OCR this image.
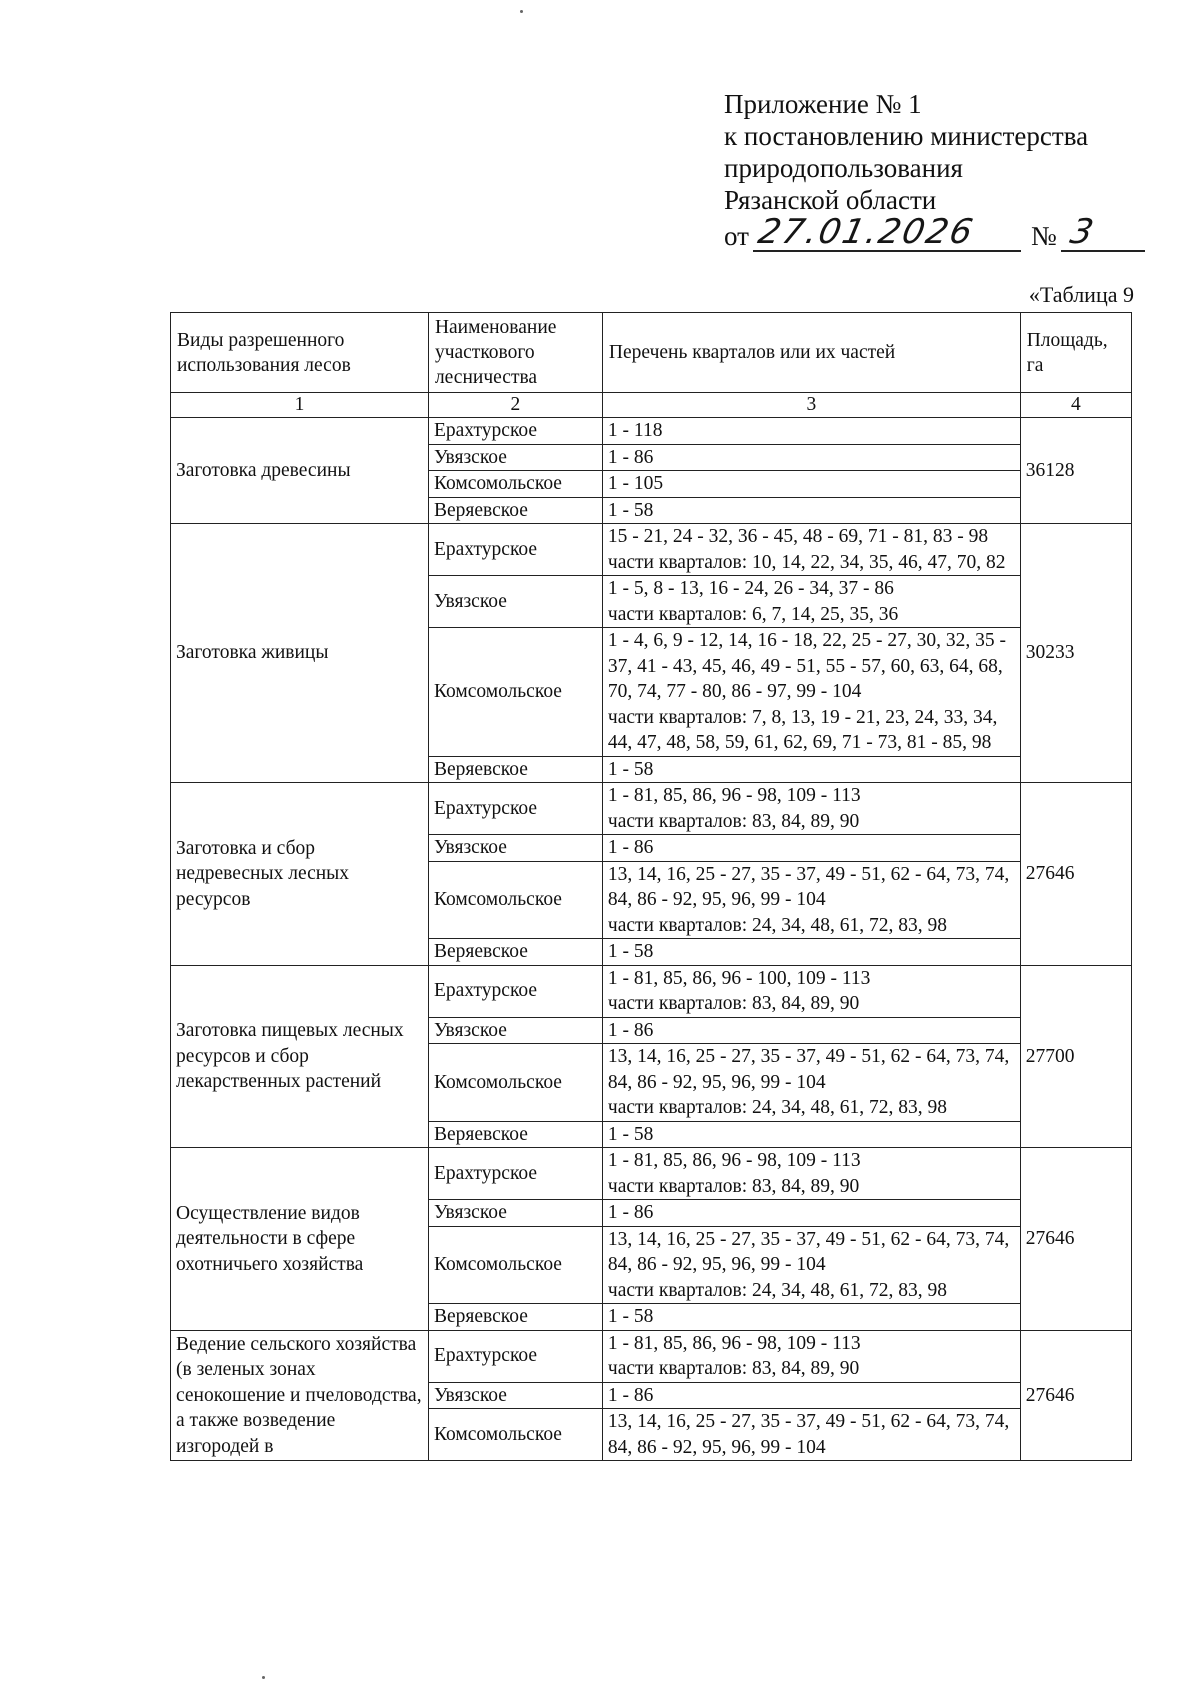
Приложение № 1
к постановлению министерства
природопользования
Рязанской области
от 27.01.2026	№ 3
«Таблица 9
Виды разрешенного использования лесов	Наименование участкового лесничества	Перечень кварталов или их частей	Площадь, га
1	2	3	4
Заготовка древесины	Ерахтурское	1 - 118	36128
	Увязское	1 - 86	

	Комсомольское	1 - 105	

	Веряевское	1 - 58	

Заготовка живицы	Ерахтурское	15 - 21, 24 - 32, 36 - 45, 48 - 69, 71 - 81, 83 - 98
части кварталов: 10, 14, 22, 34, 35, 46, 47, 70, 82	30233
	Увязское	1 - 5, 8 - 13, 16 - 24, 26 - 34, 37 - 86
части кварталов: 6, 7, 14, 25, 35, 36	

	Комсомольское	1 - 4, 6, 9 - 12, 14, 16 - 18, 22, 25 - 27, 30, 32, 35 - 37, 41 - 43, 45, 46, 49 - 51, 55 - 57, 60, 63, 64, 68, 70, 74, 77 - 80, 86 - 97, 99 - 104
части кварталов: 7, 8, 13, 19 - 21, 23, 24, 33, 34, 44, 47, 48, 58, 59, 61, 62, 69, 71 - 73, 81 - 85, 98	

	Веряевское	1 - 58	

Заготовка и сбор недревесных лесных ресурсов	Ерахтурское	1 - 81, 85, 86, 96 - 98, 109 - 113
части кварталов: 83, 84, 89, 90	27646
	Увязское	1 - 86	

	Комсомольское	13, 14, 16, 25 - 27, 35 - 37, 49 - 51, 62 - 64, 73, 74, 84, 86 - 92, 95, 96, 99 - 104
части кварталов: 24, 34, 48, 61, 72, 83, 98	

	Веряевское	1 - 58	

Заготовка пищевых лесных ресурсов и сбор лекарственных растений	Ерахтурское	1 - 81, 85, 86, 96 - 100, 109 - 113
части кварталов: 83, 84, 89, 90	27700
	Увязское	1 - 86	

	Комсомольское	13, 14, 16, 25 - 27, 35 - 37, 49 - 51, 62 - 64, 73, 74, 84, 86 - 92, 95, 96, 99 - 104
части кварталов: 24, 34, 48, 61, 72, 83, 98	

	Веряевское	1 - 58	

Осуществление видов деятельности в сфере охотничьего хозяйства	Ерахтурское	1 - 81, 85, 86, 96 - 98, 109 - 113
части кварталов: 83, 84, 89, 90	27646
	Увязское	1 - 86	

	Комсомольское	13, 14, 16, 25 - 27, 35 - 37, 49 - 51, 62 - 64, 73, 74, 84, 86 - 92, 95, 96, 99 - 104
части кварталов: 24, 34, 48, 61, 72, 83, 98	

	Веряевское	1 - 58	

Ведение сельского хозяйства (в зеленых зонах сенокошение и пчеловодства, а также возведение изгородей в	Ерахтурское	1 - 81, 85, 86, 96 - 98, 109 - 113
части кварталов: 83, 84, 89, 90	27646
	Увязское	1 - 86	

	Комсомольское	13, 14, 16, 25 - 27, 35 - 37, 49 - 51, 62 - 64, 73, 74, 84, 86 - 92, 95, 96, 99 - 104	
